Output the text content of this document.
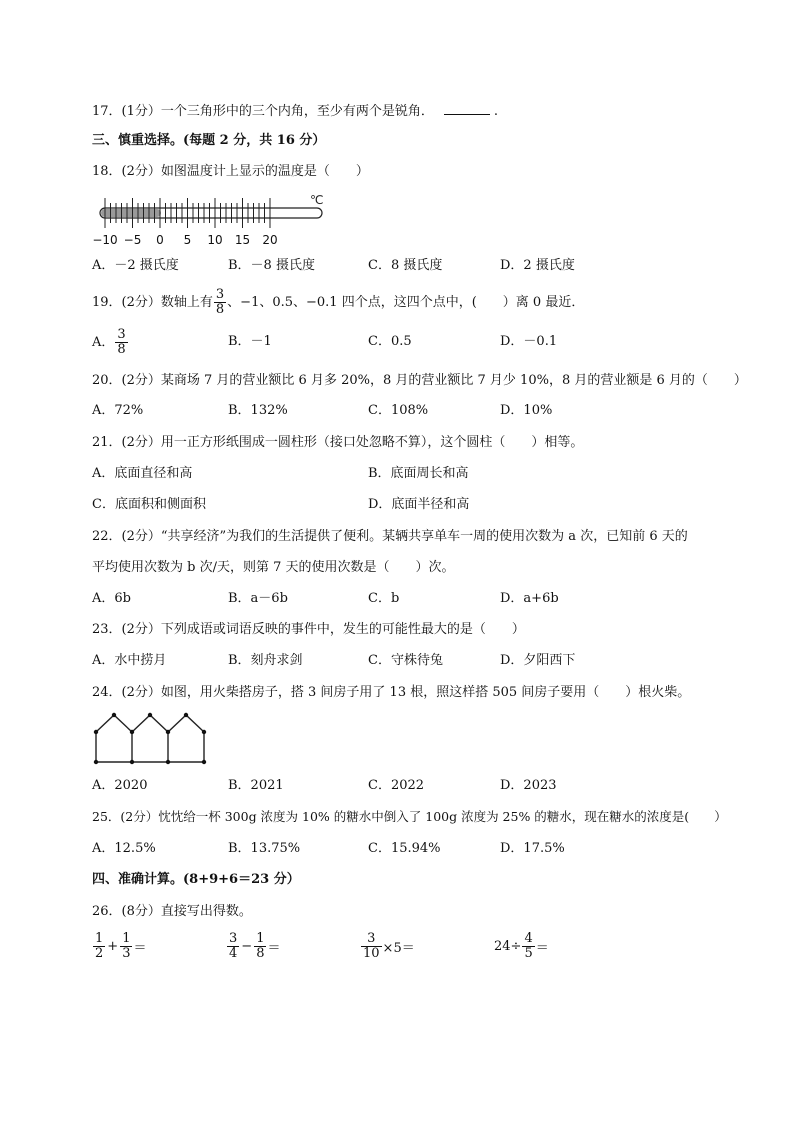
17．(1分）一个三角形中的三个内角，至少有两个是锐角．	.
三、慎重选择。(每题 2 分，共 16 分）
18．(2分）如图温度计上显示的温度是（　　）
℃
−10 −5 0 5 10 15 20
A．－2 摄氏度	B．－8 摄氏度	C．8 摄氏度	D．2 摄氏度
19．(2分）数轴上有 $\frac{3}{8}$ 、−1、0.5、−0.1 四个点，这四个点中，(　　）离 0 最近．
A． $\frac{3}{8}$	B．－1	C．0.5	D．－0.1
20．(2分）某商场 7 月的营业额比 6 月多 20%，8 月的营业额比 7 月少 10%，8 月的营业额是 6 月的（　　）
A．72%	B．132%	C．108%	D．10%
21．(2分）用一正方形纸围成一圆柱形（接口处忽略不算），这个圆柱（　　）相等。
A．底面直径和高	B．底面周长和高
C．底面积和侧面积	D．底面半径和高
22．(2分）“共享经济”为我们的生活提供了便利。某辆共享单车一周的使用次数为 a 次，已知前 6 天的
平均使用次数为 b 次/天，则第 7 天的使用次数是（　　）次。
A．6b	B．a－6b	C．b	D．a+6b
23．(2分）下列成语或词语反映的事件中，发生的可能性最大的是（　　）
A．水中捞月	B．刻舟求剑	C．守株待兔	D．夕阳西下
24．(2分）如图，用火柴搭房子，搭 3 间房子用了 13 根，照这样搭 505 间房子要用（　　）根火柴。
A．2020	B．2021	C．2022	D．2023
25．(2分）忱忱给一杯 300g 浓度为 10% 的糖水中倒入了 100g 浓度为 25% 的糖水，现在糖水的浓度是(　　）
A．12.5%	B．13.75%	C．15.94%	D．17.5%
四、准确计算。(8+9+6＝23 分）
26．(8分）直接写出得数。
$\frac{1}{2} + \frac{1}{3}$ ＝	$\frac{3}{4} - \frac{1}{8}$ ＝	$\frac{3}{10} \times 5=$	$24\div \frac{4}{5}$ ＝
